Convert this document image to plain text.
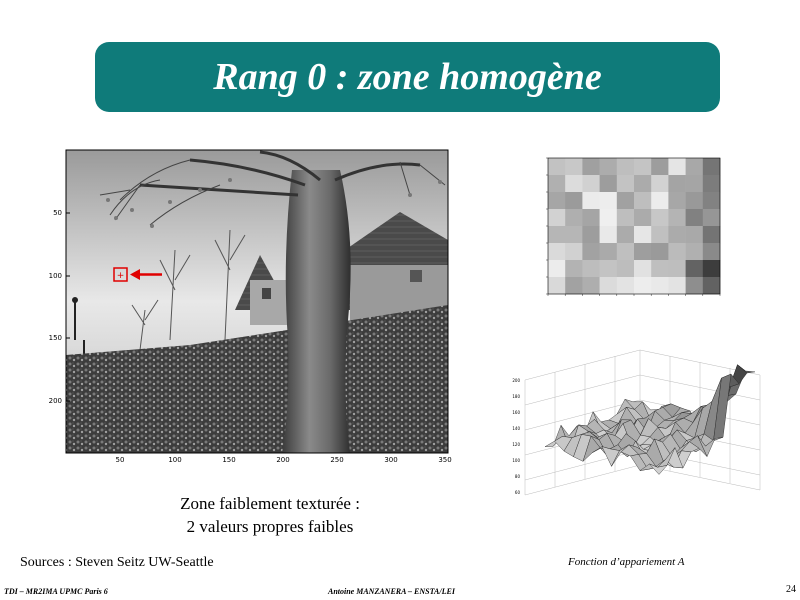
Rang 0 : zone homogène
50
100
150
200
50	100	150	200	250	300	350
+
200
180
160
140
120
100
80
60
Zone faiblement texturée :
2 valeurs propres faibles
Sources : Steven Seitz UW-Seattle	Fonction d’appariement A
TDI – MR2IMA UPMC Paris 6	Antoine MANZANERA – ENSTA/LEI	24
